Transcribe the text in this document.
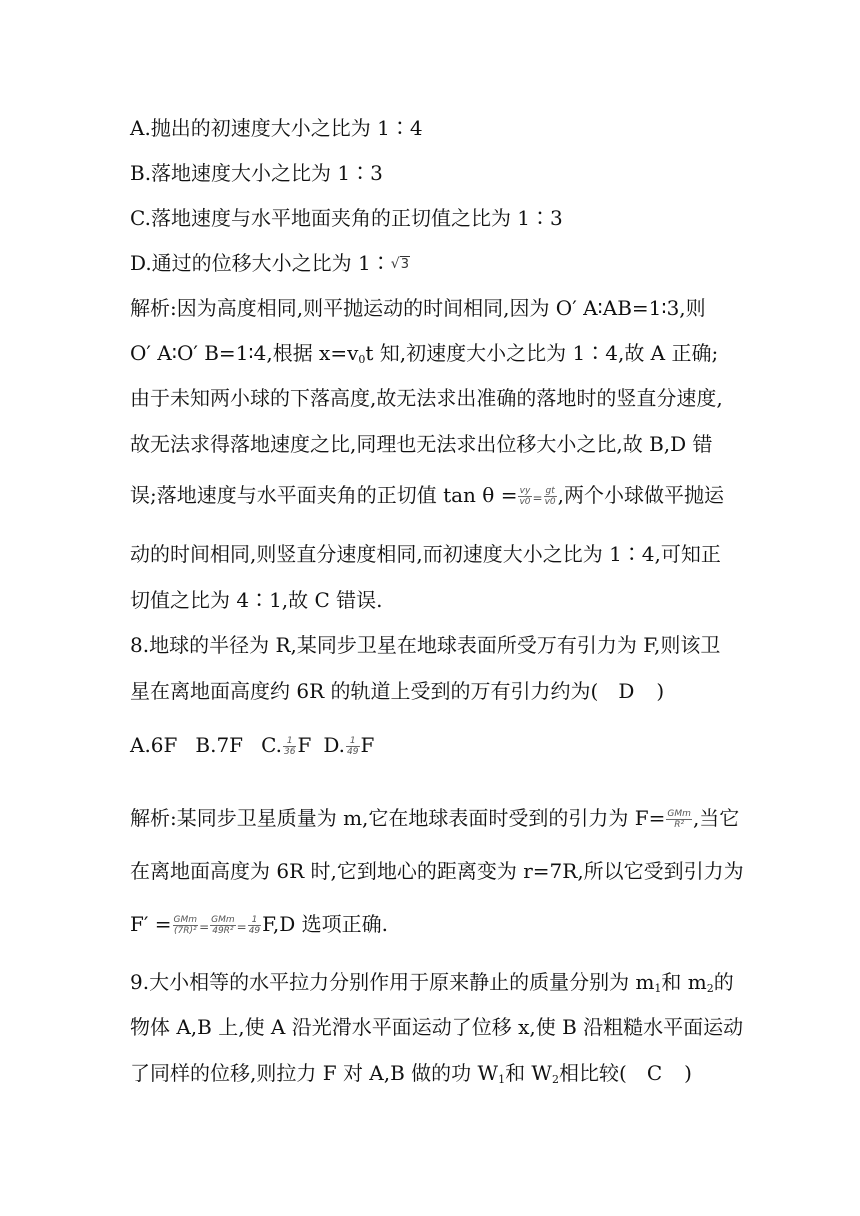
A.抛出的初速度大小之比为 1∶4
B.落地速度大小之比为 1∶3
C.落地速度与水平地面夹角的正切值之比为 1∶3
D.通过的位移大小之比为 1∶√3
解析:因为高度相同,则平抛运动的时间相同,因为 O′ A∶AB=1∶3,则
O′ A∶O′ B=1∶4,根据 $x=v_0t$ 知,初速度大小之比为 1∶4,故 A 正确;
由于未知两小球的下落高度,故无法求出准确的落地时的竖直分速度,
故无法求得落地速度之比,同理也无法求出位移大小之比,故 B,D 错
误;落地速度与水平面夹角的正切值 $\tan \theta = \frac{vy}{v0} = \frac{gt}{v0}$ ,两个小球做平抛运
动的时间相同,则竖直分速度相同,而初速度大小之比为 1∶4,可知正
切值之比为 4∶1,故 C 错误.
8.地球的半径为 R,某同步卫星在地球表面所受万有引力为 F,则该卫
星在离地面高度约 6R 的轨道上受到的万有引力约为( D )
A.6F B.7F C. $\frac{1}{36}$ F D. $\frac{1}{49}$ F
解析:某同步卫星质量为 m,它在地球表面时受到的引力为 $F= \frac{\text{GMm}}{\text{R²}}$ ,当它
在离地面高度为 6R 时,它到地心的距离变为 r=7R,所以它受到引力为
$F' = \frac{\text{GMm}}{\text{(7R)²}} = \frac{\text{GMm}}{\text{49R²}} = \frac{1}{49} F,D$ 选项正确.
9.大小相等的水平拉力分别作用于原来静止的质量分别为 $m_1$和 $m_2$的
物体 A,B 上,使 A 沿光滑水平面运动了位移 x,使 B 沿粗糙水平面运动
了同样的位移,则拉力 F 对 A,B 做的功 $W_1$和 $W_2$相比较( C )
